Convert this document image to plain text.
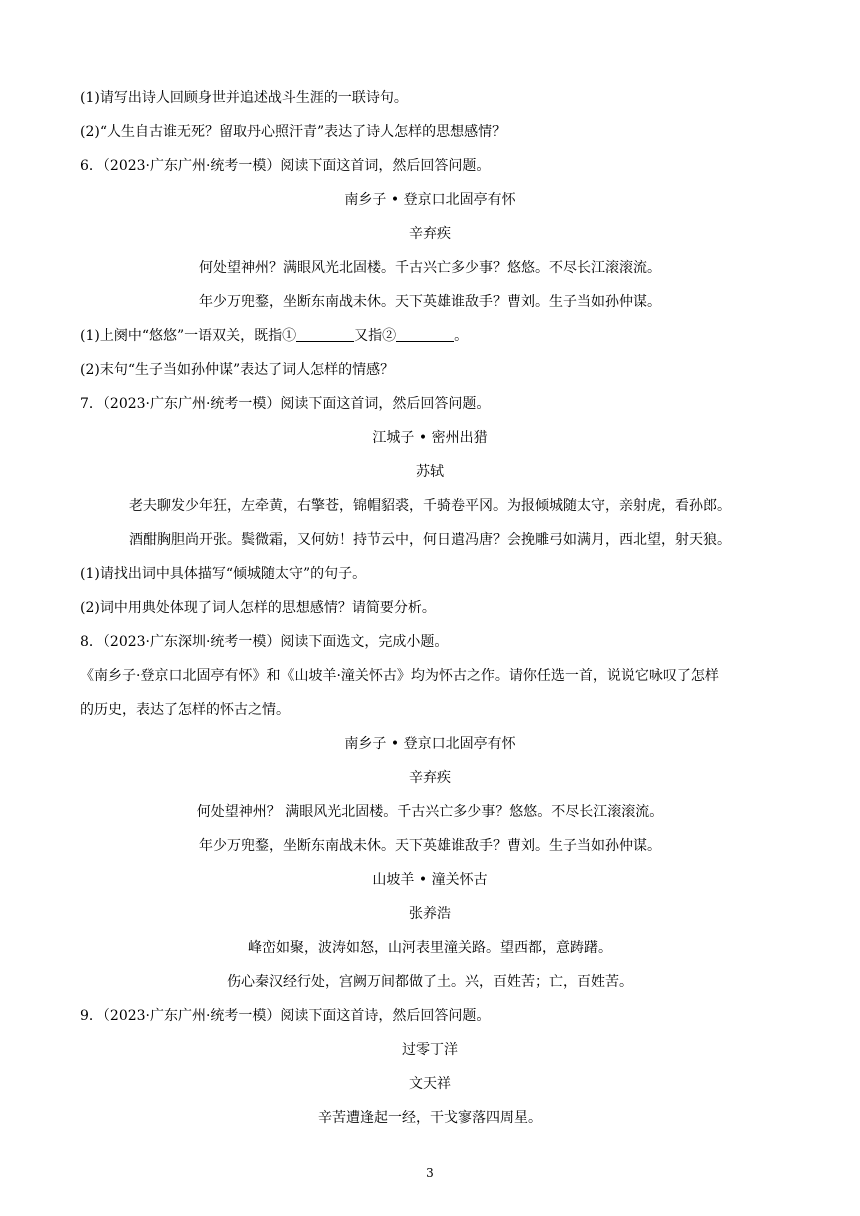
(1)请写出诗人回顾身世并追述战斗生涯的一联诗句。
(2)“人生自古谁无死？留取丹心照汗青”表达了诗人怎样的思想感情？
6．（2023·广东广州·统考一模）阅读下面这首词，然后回答问题。
南乡子 • 登京口北固亭有怀
辛弃疾
何处望神州？满眼风光北固楼。千古兴亡多少事？悠悠。不尽长江滚滚流。
年少万兜鍪，坐断东南战未休。天下英雄谁敌手？曹刘。生子当如孙仲谋。
(1)上阕中“悠悠”一语双关，既指①	又指②	。
(2)末句“生子当如孙仲谋”表达了词人怎样的情感？
7．（2023·广东广州·统考一模）阅读下面这首词，然后回答问题。
江城子 • 密州出猎
苏轼
老夫聊发少年狂，左牵黄，右擎苍，锦帽貂裘，千骑卷平冈。为报倾城随太守，亲射虎，看孙郎。
酒酣胸胆尚开张。鬓微霜，又何妨！持节云中，何日遣冯唐？会挽雕弓如满月，西北望，射天狼。
(1)请找出词中具体描写“倾城随太守”的句子。
(2)词中用典处体现了词人怎样的思想感情？请简要分析。
8．（2023·广东深圳·统考一模）阅读下面选文，完成小题。
《南乡子·登京口北固亭有怀》和《山坡羊·潼关怀古》均为怀古之作。请你任选一首，说说它咏叹了怎样
的历史，表达了怎样的怀古之情。
南乡子 • 登京口北固亭有怀
辛弃疾
何处望神州？ 满眼风光北固楼。千古兴亡多少事？悠悠。不尽长江滚滚流。
年少万兜鍪，坐断东南战未休。天下英雄谁敌手？曹刘。生子当如孙仲谋。
山坡羊 • 潼关怀古
张养浩
峰峦如聚，波涛如怒，山河表里潼关路。望西都，意踌躇。
伤心秦汉经行处，宫阙万间都做了土。兴，百姓苦；亡，百姓苦。
9．（2023·广东广州·统考一模）阅读下面这首诗，然后回答问题。
过零丁洋
文天祥
辛苦遭逢起一经，干戈寥落四周星。
3
